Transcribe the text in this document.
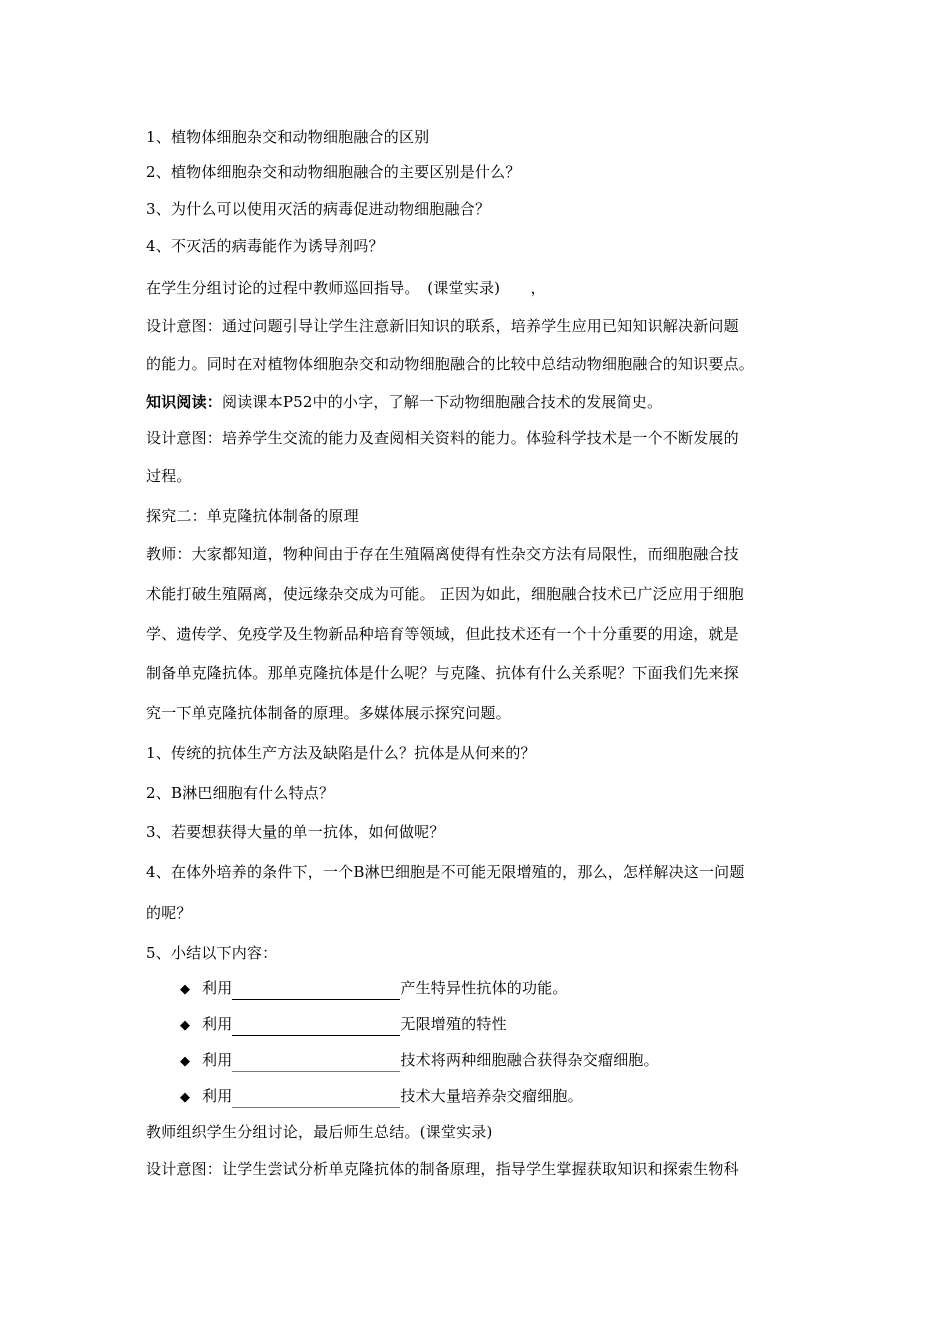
1、植物体细胞杂交和动物细胞融合的区别
2、植物体细胞杂交和动物细胞融合的主要区别是什么？
3、为什么可以使用灭活的病毒促进动物细胞融合？
4、不灭活的病毒能作为诱导剂吗？
在学生分组讨论的过程中教师巡回指导。　(课堂实录)　　，
设计意图：通过问题引导让学生注意新旧知识的联系，培养学生应用已知知识解决新问题
的能力。同时在对植物体细胞杂交和动物细胞融合的比较中总结动物细胞融合的知识要点。
知识阅读：阅读课本P52中的小字，了解一下动物细胞融合技术的发展简史。
设计意图：培养学生交流的能力及查阅相关资料的能力。体验科学技术是一个不断发展的
过程。
探究二：单克隆抗体制备的原理
教师：大家都知道，物种间由于存在生殖隔离使得有性杂交方法有局限性，而细胞融合技
术能打破生殖隔离，使远缘杂交成为可能。 正因为如此，细胞融合技术已广泛应用于细胞
学、遗传学、免疫学及生物新品种培育等领域，但此技术还有一个十分重要的用途，就是
制备单克隆抗体。那单克隆抗体是什么呢？与克隆、抗体有什么关系呢？下面我们先来探
究一下单克隆抗体制备的原理。多媒体展示探究问题。
1、传统的抗体生产方法及缺陷是什么？抗体是从何来的？
2、B淋巴细胞有什么特点？
3、若要想获得大量的单一抗体，如何做呢？
4、在体外培养的条件下，一个B淋巴细胞是不可能无限增殖的，那么，怎样解决这一问题
的呢？
5、小结以下内容：
◆ 利用	产生特异性抗体的功能。
◆ 利用	无限增殖的特性
◆ 利用	技术将两种细胞融合获得杂交瘤细胞。
◆ 利用	技术大量培养杂交瘤细胞。
教师组织学生分组讨论，最后师生总结。(课堂实录)
设计意图：让学生尝试分析单克隆抗体的制备原理，指导学生掌握获取知识和探索生物科
